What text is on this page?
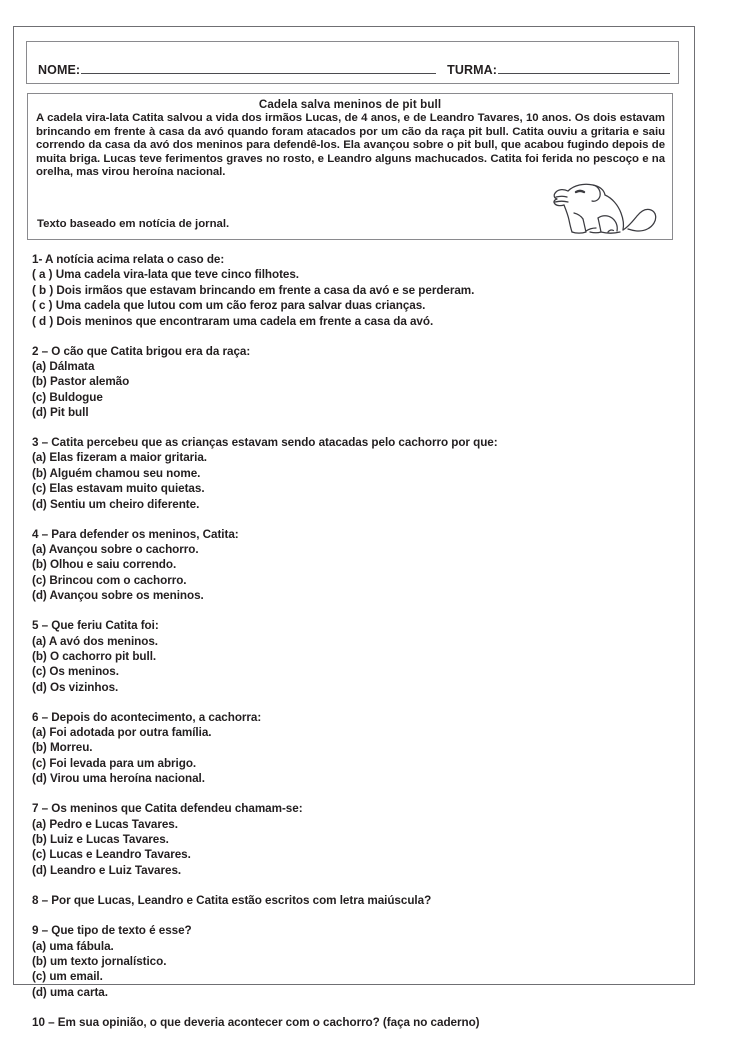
NOME:	TURMA:
Cadela salva meninos de pit bull
A cadela vira-lata Catita salvou a vida dos irmãos Lucas, de 4 anos, e de Leandro Tavares, 10 anos. Os dois estavam brincando em frente à casa da avó quando foram atacados por um cão da raça pit bull. Catita ouviu a gritaria e saiu correndo da casa da avó dos meninos para defendê-los. Ela avançou sobre o pit bull, que acabou fugindo depois de muita briga. Lucas teve ferimentos graves no rosto, e Leandro alguns machucados. Catita foi ferida no pescoço e na orelha, mas virou heroína nacional.
Texto baseado em notícia de jornal.

1- A notícia acima relata o caso de:

( a ) Uma cadela vira-lata que teve cinco filhotes.

( b ) Dois irmãos que estavam brincando em frente a casa da avó e se perderam.

( c ) Uma cadela que lutou com um cão feroz para salvar duas crianças.

( d ) Dois meninos que encontraram uma cadela em frente a casa da avó.

2 – O cão que Catita brigou era da raça:

(a) Dálmata

(b) Pastor alemão

(c) Buldogue

(d) Pit bull

3 – Catita percebeu que as crianças estavam sendo atacadas pelo cachorro por que:

(a) Elas fizeram a maior gritaria.

(b) Alguém chamou seu nome.

(c) Elas estavam muito quietas.

(d) Sentiu um cheiro diferente.

4 – Para defender os meninos, Catita:

(a) Avançou sobre o cachorro.

(b) Olhou e saiu correndo.

(c) Brincou com o cachorro.

(d) Avançou sobre os meninos.

5 – Que feriu Catita foi:

(a) A avó dos meninos.

(b) O cachorro pit bull.

(c) Os meninos.

(d) Os vizinhos.

6 – Depois do acontecimento, a cachorra:

(a) Foi adotada por outra família.

(b) Morreu.

(c) Foi levada para um abrigo.

(d) Virou uma heroína nacional.

7 – Os meninos que Catita defendeu chamam-se:

(a) Pedro e Lucas Tavares.

(b) Luiz e Lucas Tavares.

(c) Lucas e Leandro Tavares.

(d) Leandro e Luiz Tavares.

8 – Por que Lucas, Leandro e Catita estão escritos com letra maiúscula?

9 – Que tipo de texto é esse?

(a) uma fábula.

(b) um texto jornalístico.

(c) um email.

(d) uma carta.

10 – Em sua opinião, o que deveria acontecer com o cachorro? (faça no caderno)
